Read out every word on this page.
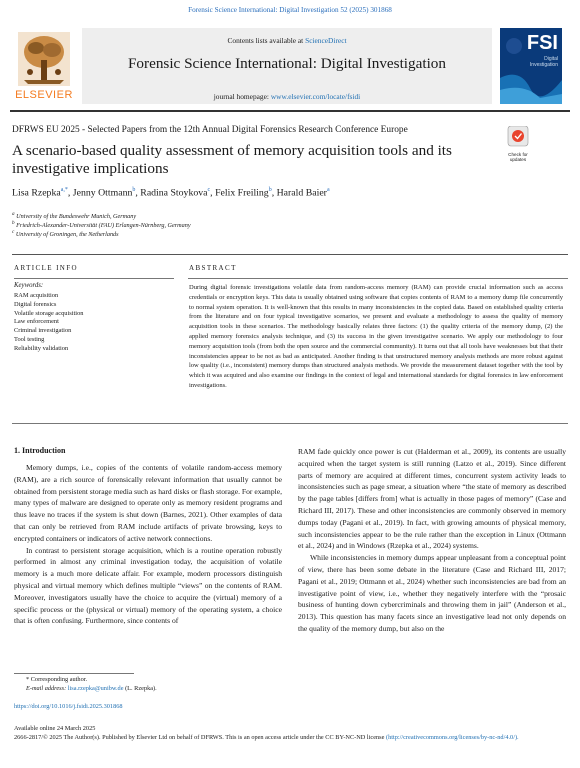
Forensic Science International: Digital Investigation 52 (2025) 301868
ELSEVIER
Contents lists available at ScienceDirect
Forensic Science International: Digital Investigation
journal homepage: www.elsevier.com/locate/fsidi
FSI
Digital Investigation
DFRWS EU 2025 - Selected Papers from the 12th Annual Digital Forensics Research Conference Europe
A scenario-based quality assessment of memory acquisition tools and its investigative implications
Check for updates
Lisa Rzepka$^{a,*}$, Jenny Ottmann$^b$, Radina Stoykova$^c$, Felix Freiling$^b$, Harald Baier$^a$
$^a$ University of the Bundeswehr Munich, Germany
$^b$ Friedrich-Alexander-Universität (FAU) Erlangen-Nürnberg, Germany
$^c$ University of Groningen, the Netherlands
ARTICLE INFO
Keywords:
RAM acquisition
Digital forensics
Volatile storage acquisition
Law enforcement
Criminal investigation
Tool testing
Reliability validation
ABSTRACT
During digital forensic investigations volatile data from random-access memory (RAM) can provide crucial information such as access credentials or encryption keys. This data is usually obtained using software that copies contents of RAM to a memory dump file concurrently to normal system operation. It is well-known that this results in many inconsistencies in the copied data. Based on established quality criteria from the literature and on four typical investigative scenarios, we present and evaluate a methodology to assess the quality of memory acquisition tools in these scenarios. The methodology basically relates three factors: (1) the quality criteria of the memory dump, (2) the applied memory forensics analysis technique, and (3) its success in the given investigative scenario. We apply our methodology to four memory acquisition tools (from both the open source and the commercial community). It turns out that all tools have weaknesses but that their inconsistencies appear to be not as bad as anticipated. Another finding is that unstructured memory analysis methods are more robust against low quality (i.e., inconsistent) memory dumps than structured analysis methods. We provide the measurement dataset together with the tool by which it was acquired and also examine our findings in the context of legal and international standards for digital forensics in law enforcement investigations.
1. Introduction

Memory dumps, i.e., copies of the contents of volatile random-access memory (RAM), are a rich source of forensically relevant information that usually cannot be obtained from persistent storage media such as hard disks or flash storage. For example, many types of malware are designed to operate only as memory resident programs and thus leave no traces if the system is shut down (Barnes, 2021). Other examples of data that can only be retrieved from RAM include artifacts of private browsing, keys to encrypted containers or indicators of active network connections.

In contrast to persistent storage acquisition, which is a routine operation robustly performed in almost any criminal investigation today, the acquisition of volatile memory is a much more delicate affair. For example, modern processors distinguish physical and virtual memory which defines multiple “views” on the contents of RAM. Moreover, investigators usually have the choice to acquire the (virtual) memory of a specific process or the (physical or virtual) memory of the operating system, a choice that is often confusing. Furthermore, since contents of

RAM fade quickly once power is cut (Halderman et al., 2009), its contents are usually acquired when the target system is still running (Latzo et al., 2019). Since different parts of memory are acquired at different times, concurrent system activity leads to inconsistencies such as page smear, a situation where “the state of memory as described by the page tables [differs from] what is actually in those pages of memory” (Case and Richard III, 2017). These and other inconsistencies are commonly observed in memory dumps today (Pagani et al., 2019). In fact, with growing amounts of physical memory, such inconsistencies appear to be the rule rather than the exception in Linux (Ottmann et al., 2024) and in Windows (Rzepka et al., 2024) systems.

While inconsistencies in memory dumps appear unpleasant from a conceptual point of view, there has been some debate in the literature (Case and Richard III, 2017; Pagani et al., 2019; Ottmann et al., 2024) whether such inconsistencies are bad from an investigative point of view, i.e., whether they negatively interfere with the “prosaic business of hunting down cybercriminals and throwing them in jail” (Anderson et al., 2013). This question has many facets since an investigative lead not only depends on the quality of the memory dump, but also on the

* Corresponding author.
E-mail address: lisa.rzepka@unibw.de (L. Rzepka).
https://doi.org/10.1016/j.fsidi.2025.301868
Available online 24 March 2025
2666-2817/© 2025 The Author(s). Published by Elsevier Ltd on behalf of DFRWS. This is an open access article under the CC BY-NC-ND license (http://creativecommons.org/licenses/by-nc-nd/4.0/).
